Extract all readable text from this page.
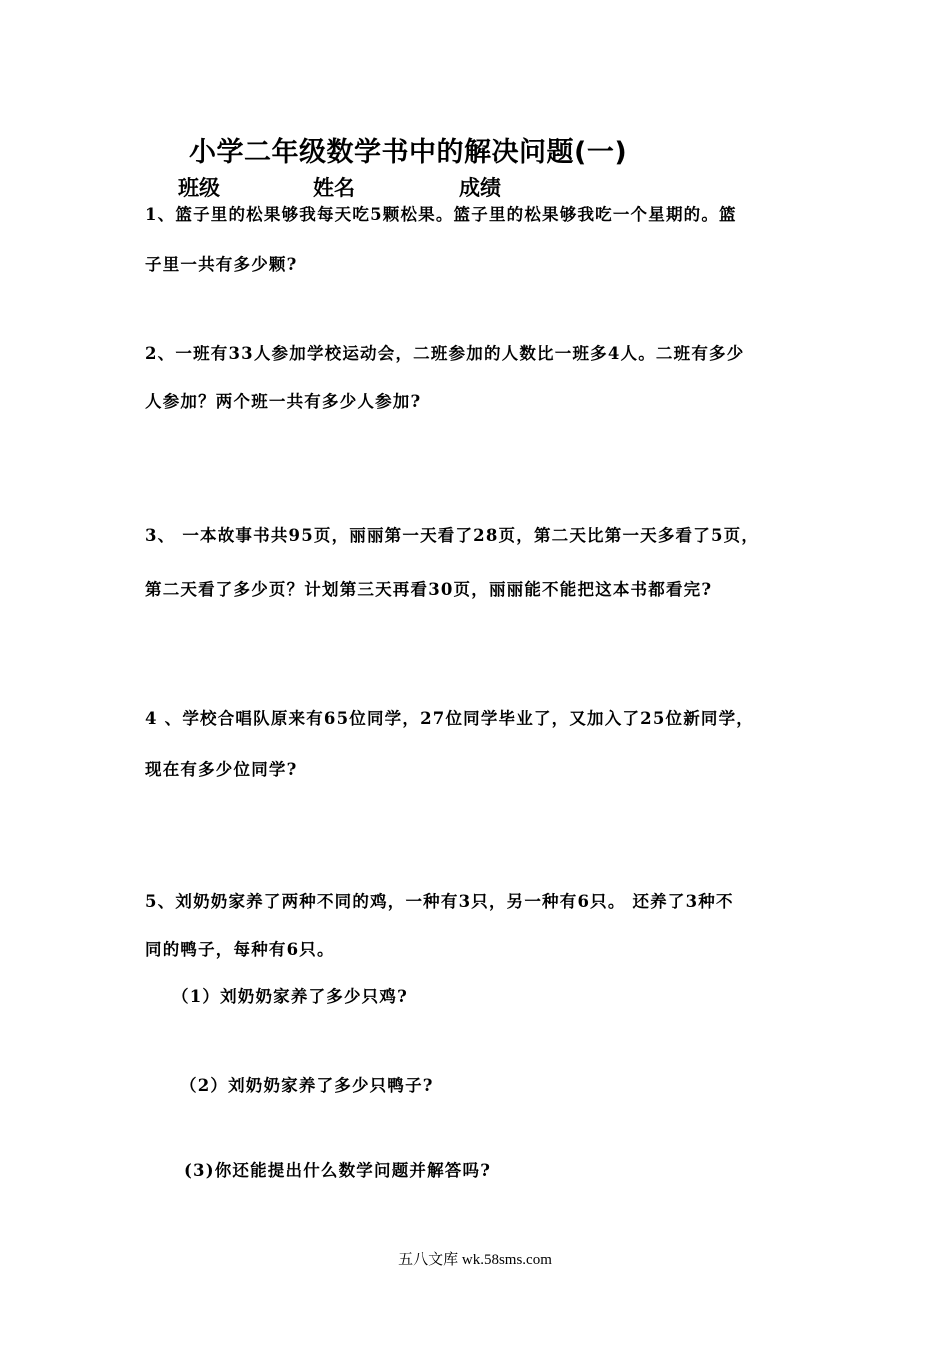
小学二年级数学书中的解决问题(一)
班级	姓名	成绩
1、篮子里的松果够我每天吃5颗松果。篮子里的松果够我吃一个星期的。篮
子里一共有多少颗?
2、一班有33人参加学校运动会，二班参加的人数比一班多4人。二班有多少
人参加？两个班一共有多少人参加?
3、 一本故事书共95页，丽丽第一天看了28页，第二天比第一天多看了5页，
第二天看了多少页？计划第三天再看30页，丽丽能不能把这本书都看完?
4 、学校合唱队原来有65位同学，27位同学毕业了，又加入了25位新同学，
现在有多少位同学?
5、刘奶奶家养了两种不同的鸡，一种有3只，另一种有6只。 还养了3种不
同的鸭子，每种有6只。
（1）刘奶奶家养了多少只鸡?
（2）刘奶奶家养了多少只鸭子?
(3)你还能提出什么数学问题并解答吗?
五八文库 wk.58sms.com
